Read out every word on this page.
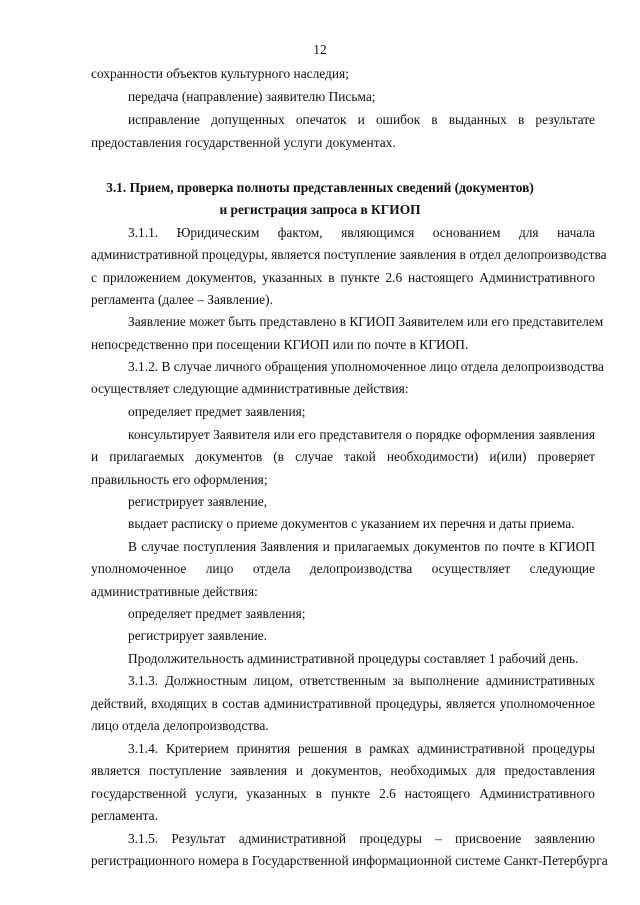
12
сохранности объектов культурного наследия;
передача (направление) заявителю Письма;
исправление допущенных опечаток и ошибок в выданных в результате
предоставления государственной услуги документах.
3.1. Прием, проверка полноты представленных сведений (документов)
и регистрация запроса в КГИОП
3.1.1. Юридическим фактом, являющимся основанием для начала
административной процедуры, является поступление заявления в отдел делопроизводства
с приложением документов, указанных в пункте 2.6 настоящего Административного
регламента (далее – Заявление).
Заявление может быть представлено в КГИОП Заявителем или его представителем
непосредственно при посещении КГИОП или по почте в КГИОП.
3.1.2. В случае личного обращения уполномоченное лицо отдела делопроизводства
осуществляет следующие административные действия:
определяет предмет заявления;
консультирует Заявителя или его представителя о порядке оформления заявления
и прилагаемых документов (в случае такой необходимости) и(или) проверяет
правильность его оформления;
регистрирует заявление,
выдает расписку о приеме документов с указанием их перечня и даты приема.
В случае поступления Заявления и прилагаемых документов по почте в КГИОП
уполномоченное лицо отдела делопроизводства осуществляет следующие
административные действия:
определяет предмет заявления;
регистрирует заявление.
Продолжительность административной процедуры составляет 1 рабочий день.
3.1.3. Должностным лицом, ответственным за выполнение административных
действий, входящих в состав административной процедуры, является уполномоченное
лицо отдела делопроизводства.
3.1.4. Критерием принятия решения в рамках административной процедуры
является поступление заявления и документов, необходимых для предоставления
государственной услуги, указанных в пункте 2.6 настоящего Административного
регламента.
3.1.5. Результат административной процедуры – присвоение заявлению
регистрационного номера в Государственной информационной системе Санкт-Петербурга
